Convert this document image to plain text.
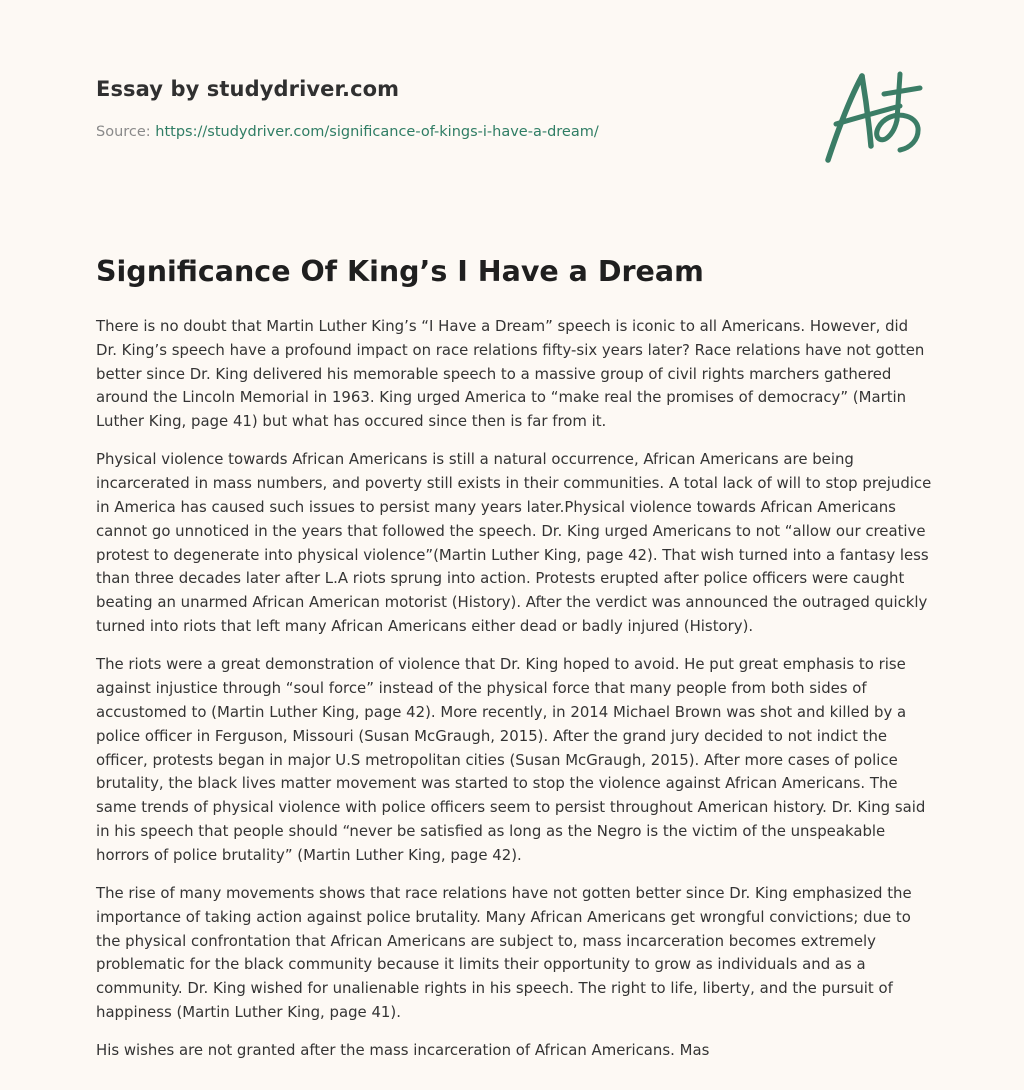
Essay by studydriver.com
Source: https://studydriver.com/significance-of-kings-i-have-a-dream/
Significance Of King’s I Have a Dream

There is no doubt that Martin Luther King’s “I Have a Dream” speech is iconic to all Americans. However, did Dr. King’s speech have a profound impact on race relations fifty-six years later? Race relations have not gotten better since Dr. King delivered his memorable speech to a massive group of civil rights marchers gathered around the Lincoln Memorial in 1963. King urged America to “make real the promises of democracy” (Martin Luther King, page 41) but what has occured since then is far from it.

Physical violence towards African Americans is still a natural occurrence, African Americans are being incarcerated in mass numbers, and poverty still exists in their communities. A total lack of will to stop prejudice in America has caused such issues to persist many years later.Physical violence towards African Americans cannot go unnoticed in the years that followed the speech. Dr. King urged Americans to not “allow our creative protest to degenerate into physical violence”(Martin Luther King, page 42). That wish turned into a fantasy less than three decades later after L.A riots sprung into action. Protests erupted after police officers were caught beating an unarmed African American motorist (History). After the verdict was announced the outraged quickly turned into riots that left many African Americans either dead or badly injured (History).

The riots were a great demonstration of violence that Dr. King hoped to avoid. He put great emphasis to rise against injustice through “soul force” instead of the physical force that many people from both sides of accustomed to (Martin Luther King, page 42). More recently, in 2014 Michael Brown was shot and killed by a police officer in Ferguson, Missouri (Susan McGraugh, 2015). After the grand jury decided to not indict the officer, protests began in major U.S metropolitan cities (Susan McGraugh, 2015). After more cases of police brutality, the black lives matter movement was started to stop the violence against African Americans. The same trends of physical violence with police officers seem to persist throughout American history. Dr. King said in his speech that people should “never be satisfied as long as the Negro is the victim of the unspeakable horrors of police brutality” (Martin Luther King, page 42).

The rise of many movements shows that race relations have not gotten better since Dr. King emphasized the importance of taking action against police brutality. Many African Americans get wrongful convictions; due to the physical confrontation that African Americans are subject to, mass incarceration becomes extremely problematic for the black community because it limits their opportunity to grow as individuals and as a community. Dr. King wished for unalienable rights in his speech. The right to life, liberty, and the pursuit of happiness (Martin Luther King, page 41).

His wishes are not granted after the mass incarceration of African Americans. Mas
